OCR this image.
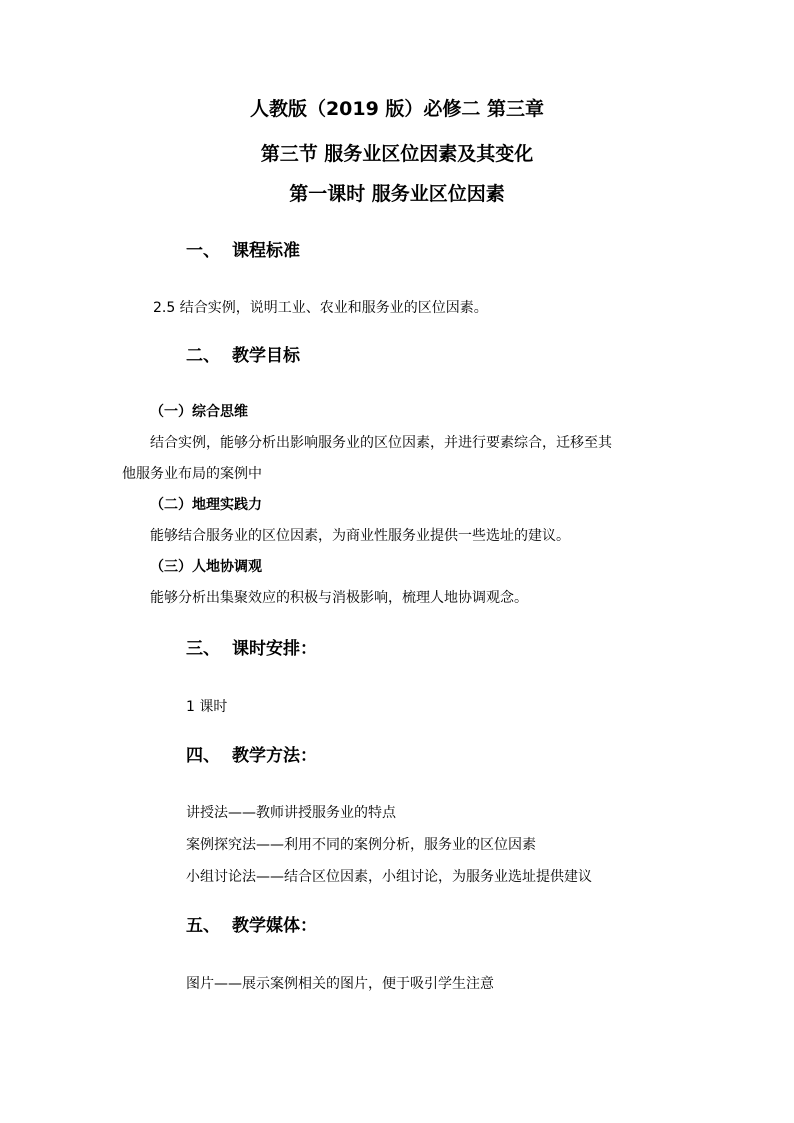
人教版（2019 版）必修二 第三章
第三节 服务业区位因素及其变化
第一课时 服务业区位因素
一、 课程标准
2.5 结合实例，说明工业、农业和服务业的区位因素。
二、 教学目标
（一）综合思维
结合实例，能够分析出影响服务业的区位因素，并进行要素综合，迁移至其
他服务业布局的案例中
（二）地理实践力
能够结合服务业的区位因素，为商业性服务业提供一些选址的建议。
（三）人地协调观
能够分析出集聚效应的积极与消极影响，梳理人地协调观念。
三、 课时安排：
1 课时
四、 教学方法：
讲授法——教师讲授服务业的特点
案例探究法——利用不同的案例分析，服务业的区位因素
小组讨论法——结合区位因素，小组讨论，为服务业选址提供建议
五、 教学媒体：
图片——展示案例相关的图片，便于吸引学生注意
